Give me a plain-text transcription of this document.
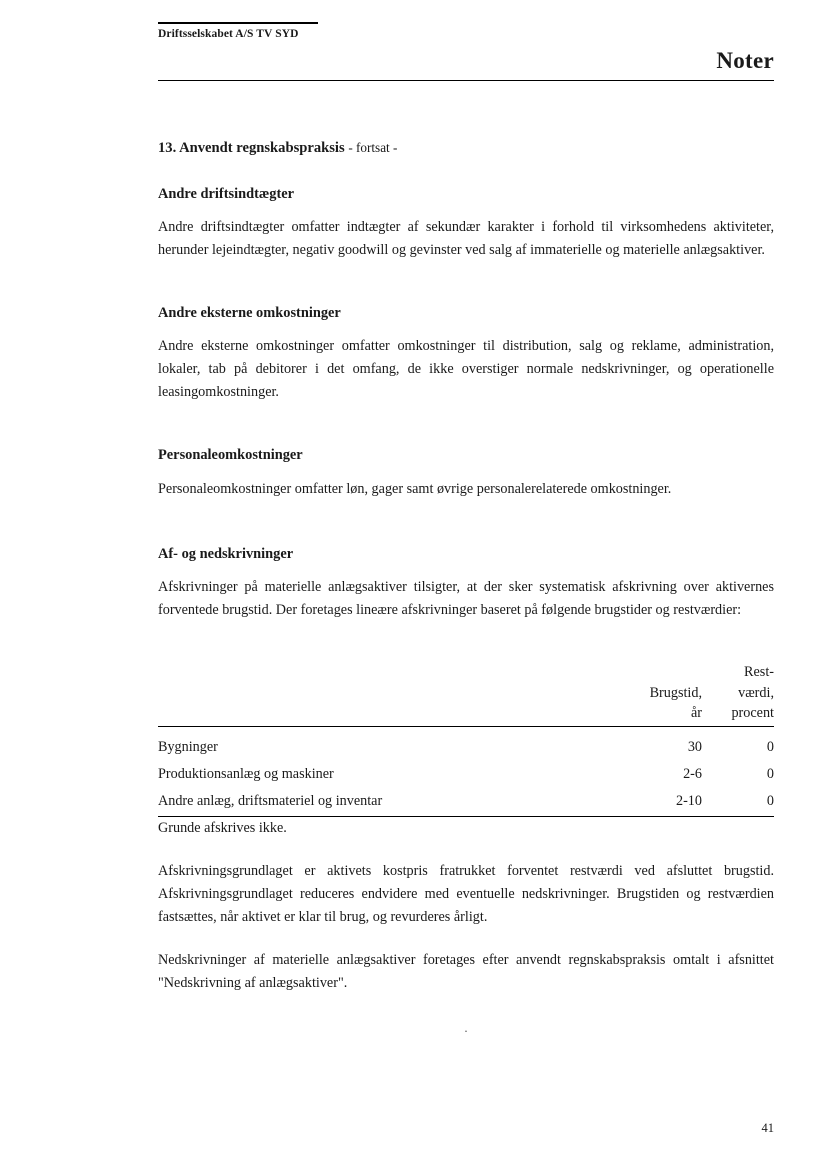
Driftsselskabet A/S TV SYD
Noter
13. Anvendt regnskabspraksis - fortsat -
Andre driftsindtægter

Andre driftsindtægter omfatter indtægter af sekundær karakter i forhold til virksomhedens aktiviteter, herunder lejeindtægter, negativ goodwill og gevinster ved salg af immaterielle og materielle anlægsaktiver.

Andre eksterne omkostninger

Andre eksterne omkostninger omfatter omkostninger til distribution, salg og reklame, administration, lokaler, tab på debitorer i det omfang, de ikke overstiger normale nedskrivninger, og operationelle leasingomkostninger.

Personaleomkostninger

Personaleomkostninger omfatter løn, gager samt øvrige personalerelaterede omkostninger.

Af- og nedskrivninger

Afskrivninger på materielle anlægsaktiver tilsigter, at der sker systematisk afskrivning over aktivernes forventede brugstid. Der foretages lineære afskrivninger baseret på følgende brugstider og restværdier:

Brugstid,
år

Rest-
værdi,
procent

Bygninger	30	0
Produktionsanlæg og maskiner	2-6	0
Andre anlæg, driftsmateriel og inventar	2-10	0

Grunde afskrives ikke.

Afskrivningsgrundlaget er aktivets kostpris fratrukket forventet restværdi ved afsluttet brugstid. Afskrivningsgrundlaget reduceres endvidere med eventuelle nedskrivninger. Brugstiden og restværdien fastsættes, når aktivet er klar til brug, og revurderes årligt.

Nedskrivninger af materielle anlægsaktiver foretages efter anvendt regnskabspraksis omtalt i afsnittet "Nedskrivning af anlægsaktiver".

.
41
